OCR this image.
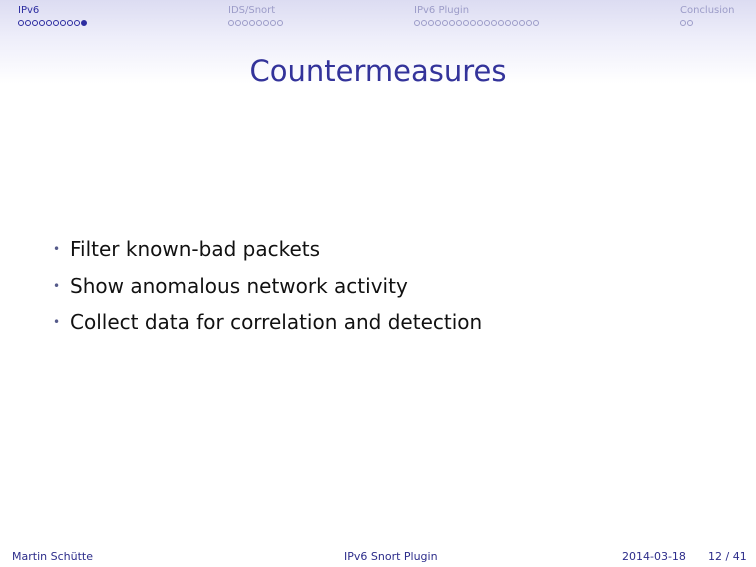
IPv6	IDS/Snort	IPv6 Plugin	Conclusion
Countermeasures
• Filter known-bad packets
• Show anomalous network activity
• Collect data for correlation and detection
Martin Schütte	IPv6 Snort Plugin	2014-03-18 12 / 41
